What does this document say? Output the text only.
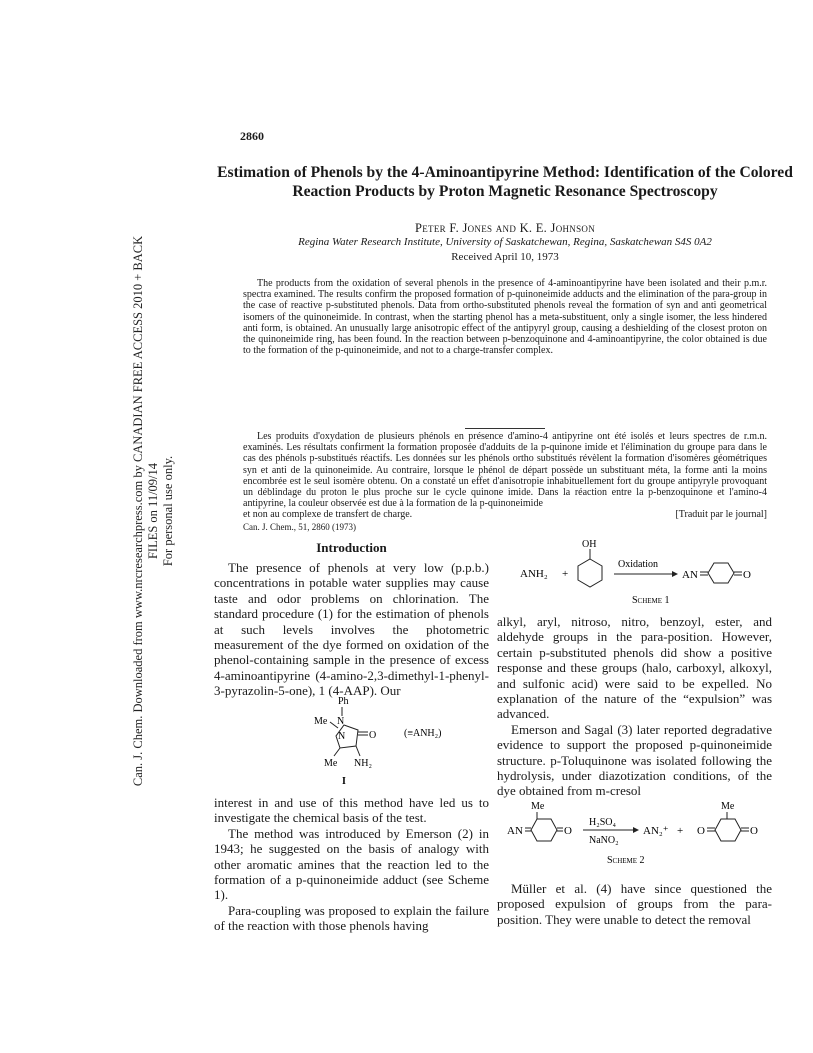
Can. J. Chem. Downloaded from www.nrcresearchpress.com by CANADIAN FREE ACCESS 2010 + BACK FILES on 11/09/14 For personal use only.
2860
Estimation of Phenols by the 4-Aminoantipyrine Method: Identification of the Colored Reaction Products by Proton Magnetic Resonance Spectroscopy
Peter F. Jones and K. E. Johnson
Regina Water Research Institute, University of Saskatchewan, Regina, Saskatchewan S4S 0A2
Received April 10, 1973

The products from the oxidation of several phenols in the presence of 4-aminoantipyrine have been isolated and their p.m.r. spectra examined. The results confirm the proposed formation of p-quinoneimide adducts and the elimination of the para-group in the case of reactive p-substituted phenols. Data from ortho-substituted phenols reveal the formation of syn and anti geometrical isomers of the quinoneimide. In contrast, when the starting phenol has a meta-substituent, only a single isomer, the less hindered anti form, is obtained. An unusually large anisotropic effect of the antipyryl group, causing a deshielding of the closest proton on the quinoneimide ring, has been found. In the reaction between p-benzoquinone and 4-aminoantipyrine, the color obtained is due to the formation of the p-quinoneimide, and not to a charge-transfer complex.

Les produits d'oxydation de plusieurs phénols en présence d'amino-4 antipyrine ont été isolés et leurs spectres de r.m.n. examinés. Les résultats confirment la formation proposée d'adduits de la p-quinone imide et l'élimination du groupe para dans le cas des phénols p-substitués réactifs. Les données sur les phénols ortho substitués révèlent la formation d'isomères géométriques syn et anti de la quinoneimide. Au contraire, lorsque le phénol de départ possède un substituant méta, la forme anti la moins encombrée est le seul isomère obtenu. On a constaté un effet d'anisotropie inhabituellement fort du groupe antipyryle provoquant un déblindage du proton le plus proche sur le cycle quinone imide. Dans la réaction entre la p-benzoquinone et l'amino-4 antipyrine, la couleur observée est due à la formation de la p-quinoneimide

et non au complexe de transfert de charge.	[Traduit par le journal]
Can. J. Chem., 51, 2860 (1973)
Introduction

The presence of phenols at very low (p.p.b.) concentrations in potable water supplies may cause taste and odor problems on chlorination. The standard procedure (1) for the estimation of phenols at such levels involves the photometric measurement of the dye formed on oxidation of the phenol-containing sample in the presence of excess 4-aminoantipyrine (4-amino-2,3-dimethyl-1-phenyl-3-pyrazolin-5-one), 1 (4-AAP). Our

Ph
N
Me
N O
Me NH₂
(≡ANH₂)
I

interest in and use of this method have led us to investigate the chemical basis of the test.

The method was introduced by Emerson (2) in 1943; he suggested on the basis of analogy with other aromatic amines that the reaction led to the formation of a p-quinoneimide adduct (see Scheme 1).

Para-coupling was proposed to explain the failure of the reaction with those phenols having

ANH₂ +
OH
Oxidation
AN	O
Scheme 1

alkyl, aryl, nitroso, nitro, benzoyl, ester, and aldehyde groups in the para-position. However, certain p-substituted phenols did show a positive response and these groups (halo, carboxyl, alkoxyl, and sulfonic acid) were said to be expelled. No explanation of the nature of the “expulsion” was advanced.

Emerson and Sagal (3) later reported degradative evidence to support the proposed p-quinoneimide structure. p-Toluquinone was isolated following the hydrolysis, under diazotization conditions, of the dye obtained from m-cresol

Me
AN	O
H₂SO₄
NaNO₂
AN₂⁺ + O
Me
O
Scheme 2

Müller et al. (4) have since questioned the proposed expulsion of groups from the para-position. They were unable to detect the removal
